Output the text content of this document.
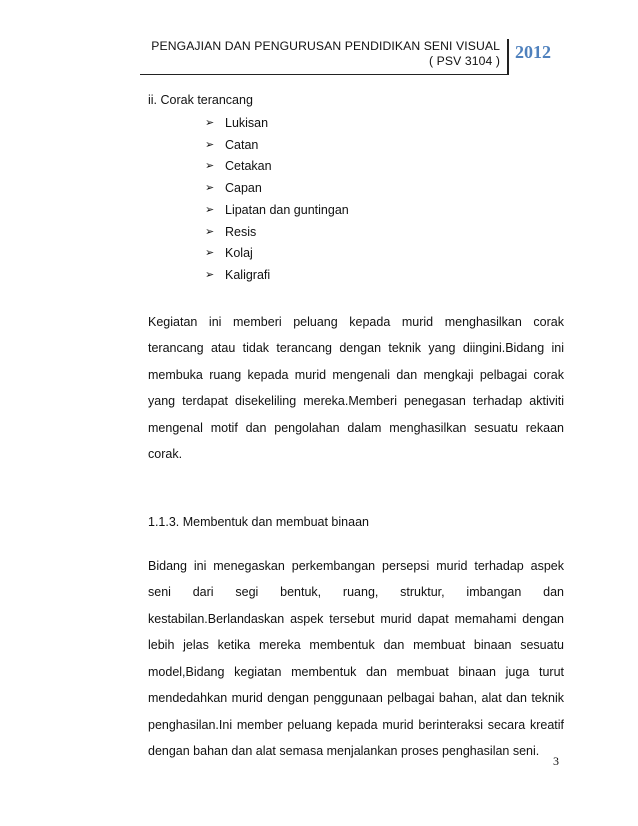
PENGAJIAN DAN PENGURUSAN PENDIDIKAN SENI VISUAL
( PSV 3104 ) 2012

ii. Corak terancang

➢ Lukisan
➢ Catan
➢ Cetakan
➢ Capan
➢ Lipatan dan guntingan
➢ Resis
➢ Kolaj
➢ Kaligrafi

Kegiatan ini memberi peluang kepada murid menghasilkan corak terancang atau tidak terancang dengan teknik yang diingini.Bidang ini membuka ruang kepada murid mengenali dan mengkaji pelbagai corak yang terdapat disekeliling mereka.Memberi penegasan terhadap aktiviti mengenal motif dan pengolahan dalam menghasilkan sesuatu rekaan corak.

1.1.3. Membentuk dan membuat binaan

Bidang ini menegaskan perkembangan persepsi murid terhadap aspek
seni dari segi bentuk, ruang, struktur, imbangan dan
kestabilan.Berlandaskan aspek tersebut murid dapat memahami dengan lebih jelas ketika mereka membentuk dan membuat binaan sesuatu model,Bidang kegiatan membentuk dan membuat binaan juga turut mendedahkan murid dengan penggunaan pelbagai bahan, alat dan teknik penghasilan.Ini member peluang kepada murid berinteraksi secara kreatif dengan bahan dan alat semasa menjalankan proses penghasilan seni.
3
